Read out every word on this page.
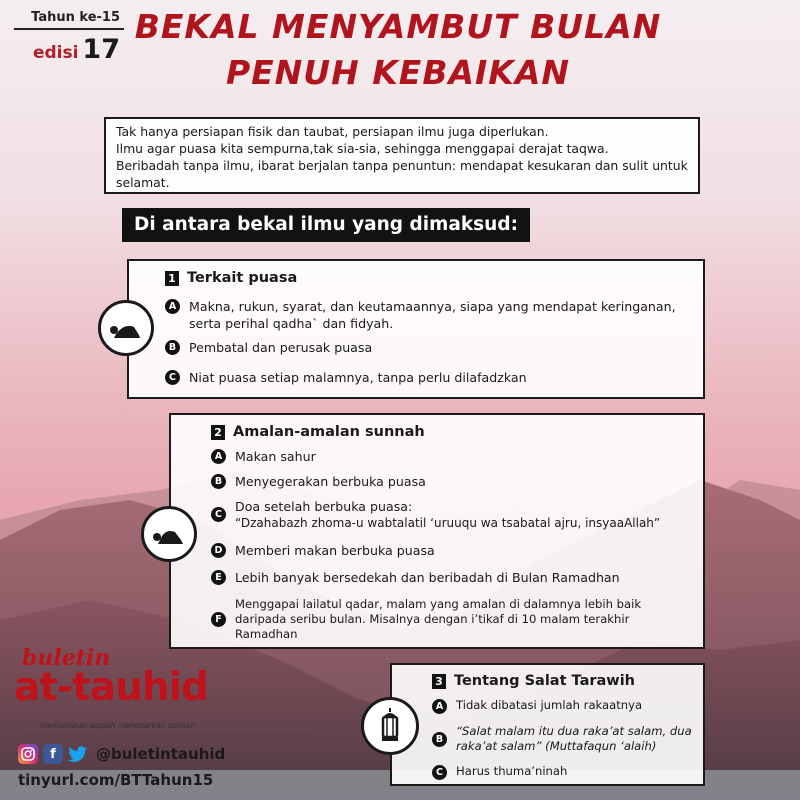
Tahun ke-15
edisi 17
BEKAL MENYAMBUT BULAN
PENUH KEBAIKAN

Tak hanya persiapan fisik dan taubat, persiapan ilmu juga diperlukan.

Ilmu agar puasa kita sempurna,tak sia-sia, sehingga menggapai derajat taqwa.

Beribadah tanpa ilmu, ibarat berjalan tanpa penuntun: mendapat kesukaran dan sulit untuk selamat.

Di antara bekal ilmu yang dimaksud:
1 Terkait puasa
A	Makna, rukun, syarat, dan keutamaannya, siapa yang mendapat keringanan, serta perihal qadha` dan fidyah.
B	Pembatal dan perusak puasa
C	Niat puasa setiap malamnya, tanpa perlu dilafadzkan
2 Amalan-amalan sunnah
A	Makan sahur
B	Menyegerakan berbuka puasa
C
Doa setelah berbuka puasa:
“Dzahabazh zhoma-u wabtalatil ‘uruuqu wa tsabatal ajru, insyaaAllah”
D Memberi makan berbuka puasa
E	Lebih banyak bersedekah dan beribadah di Bulan Ramadhan
F
Menggapai lailatul qadar, malam yang amalan di dalamnya lebih baik daripada seribu bulan. Misalnya dengan i’tikaf di 10 malam terakhir Ramadhan
3 Tentang Salat Tarawih
A	Tidak dibatasi jumlah rakaatnya
B
“Salat malam itu dua raka’at salam, dua raka’at salam” (Muttafaqun ‘alaih)
C	Harus thuma’ninah
buletin
at-tauhid
memurnikan aqidah menebarkan sunnah
f	@buletintauhid
tinyurl.com/BTTahun15
